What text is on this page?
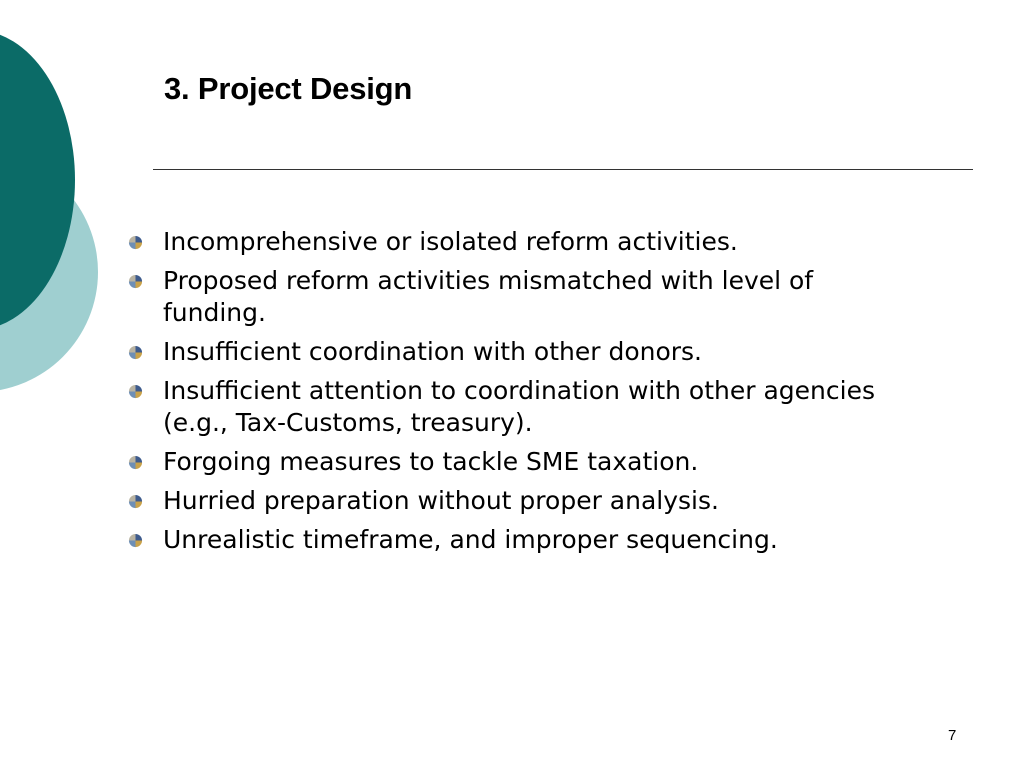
3. Project Design
Incomprehensive or isolated reform activities.
Proposed reform activities mismatched with level of funding.
Insufficient coordination with other donors.
Insufficient attention to coordination with other agencies (e.g., Tax-Customs, treasury).
Forgoing measures to tackle SME taxation.
Hurried preparation without proper analysis.
Unrealistic timeframe, and improper sequencing.
7
